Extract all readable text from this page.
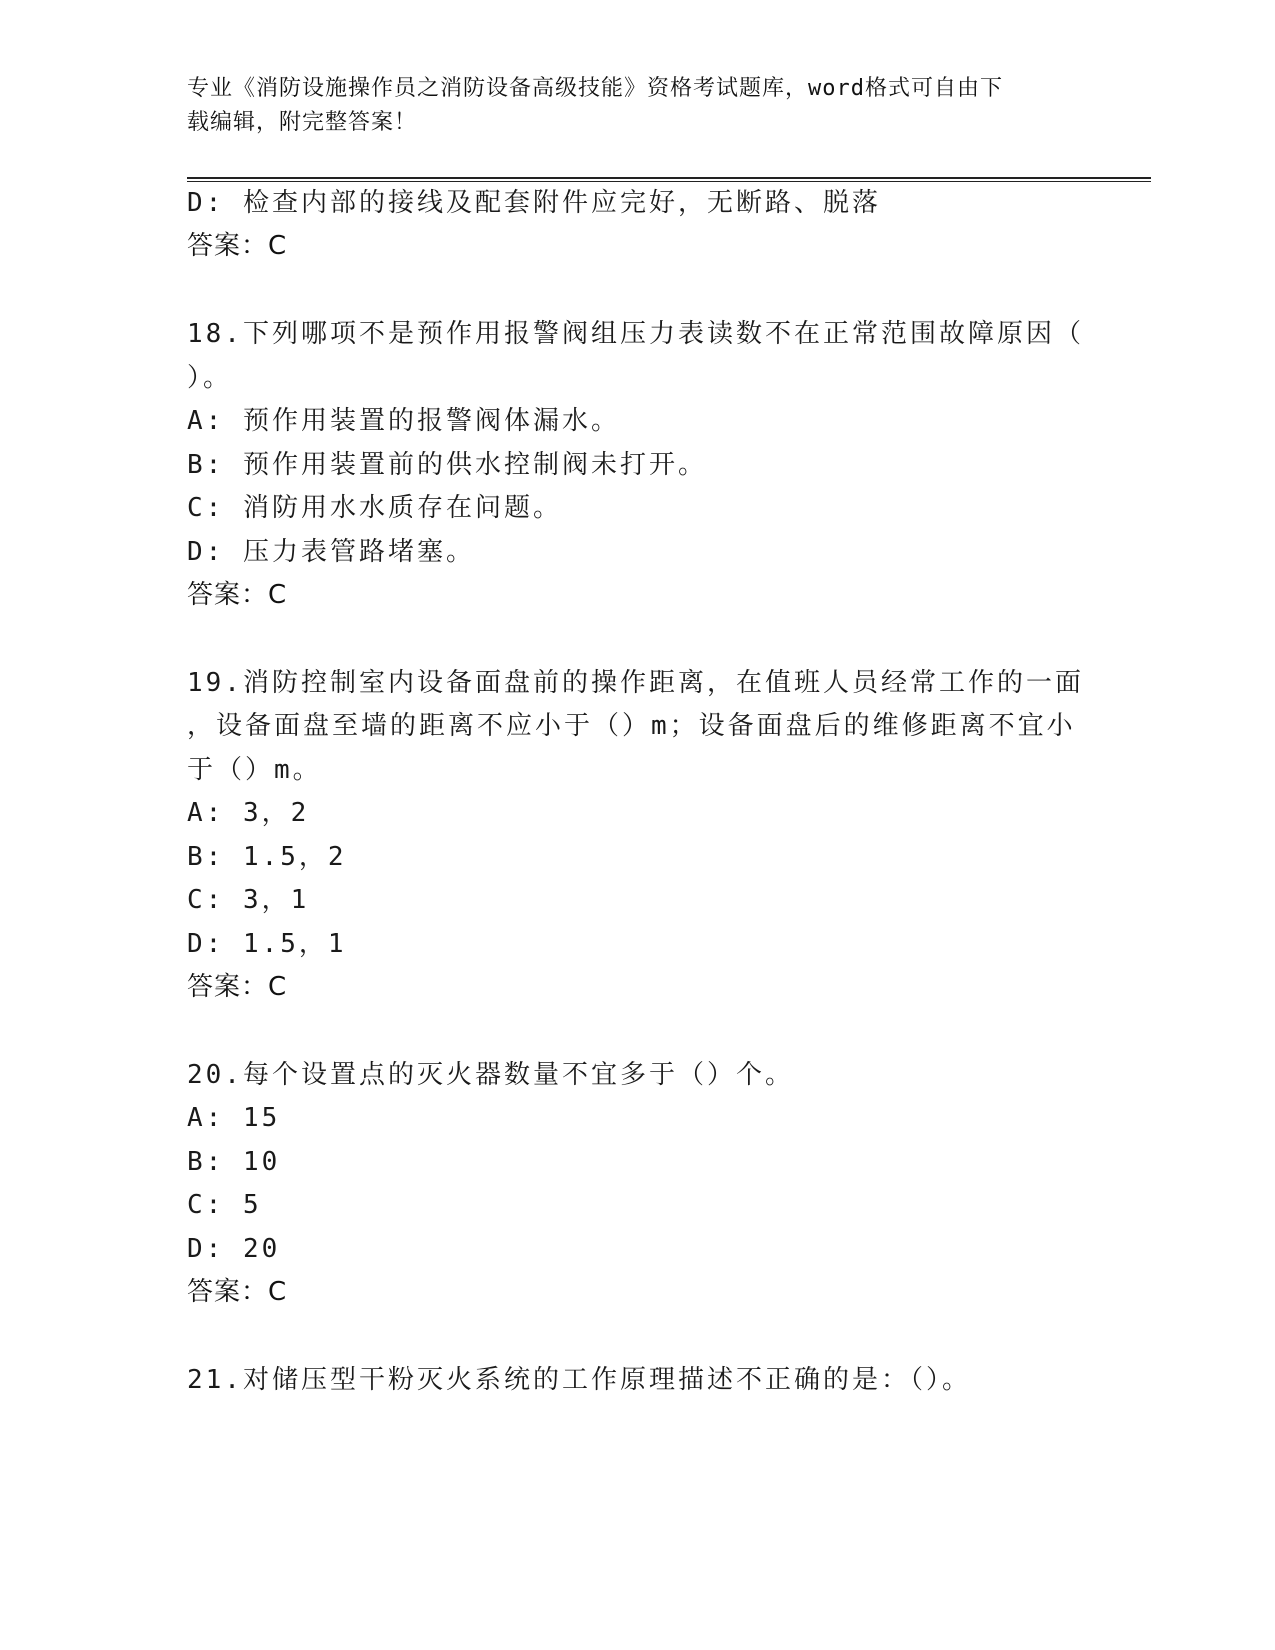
专业《消防设施操作员之消防设备高级技能》资格考试题库，word格式可自由下
载编辑，附完整答案！
D: 检查内部的接线及配套附件应完好，无断路、脱落
答案：C
18.下列哪项不是预作用报警阀组压力表读数不在正常范围故障原因（
）。
A: 预作用装置的报警阀体漏水。
B: 预作用装置前的供水控制阀未打开。
C: 消防用水水质存在问题。
D: 压力表管路堵塞。
答案：C
19.消防控制室内设备面盘前的操作距离，在值班人员经常工作的一面
，设备面盘至墙的距离不应小于（）m；设备面盘后的维修距离不宜小
于（）m。
A: 3，2
B: 1.5，2
C: 3，1
D: 1.5，1
答案：C
20.每个设置点的灭火器数量不宜多于（）个。
A: 15
B: 10
C: 5
D: 20
答案：C
21.对储压型干粉灭火系统的工作原理描述不正确的是：（）。
